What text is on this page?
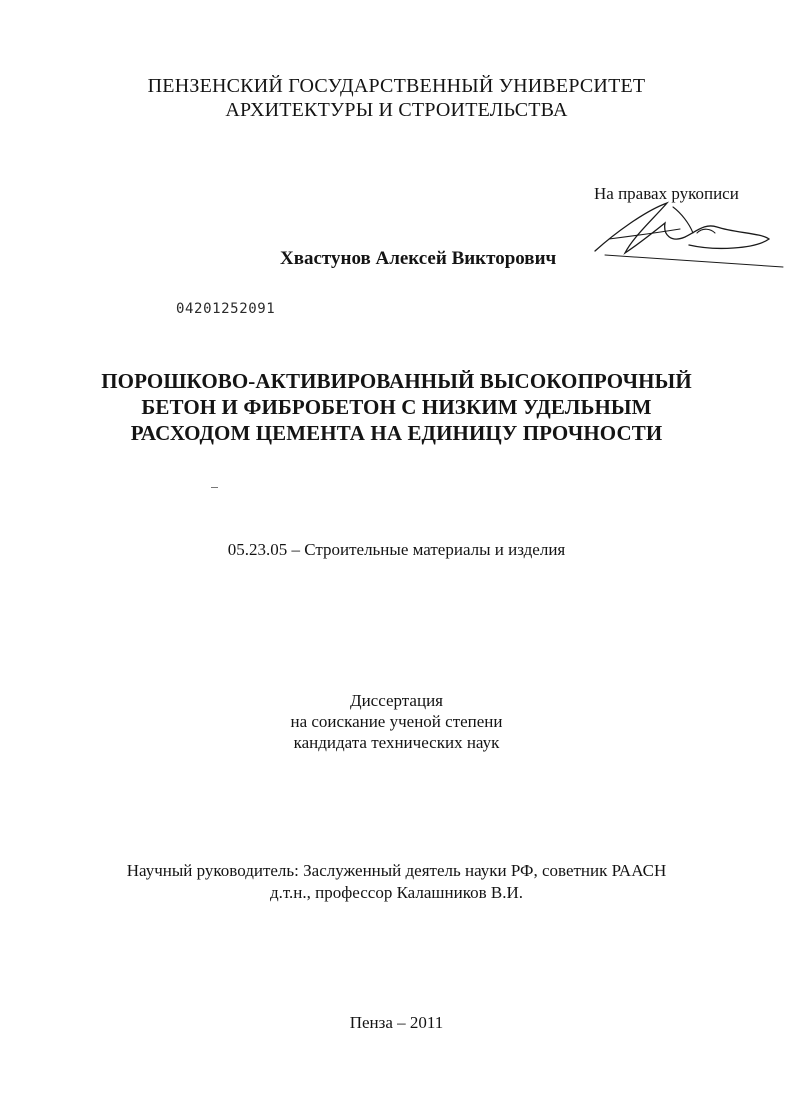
ПЕНЗЕНСКИЙ ГОСУДАРСТВЕННЫЙ УНИВЕРСИТЕТ
АРХИТЕКТУРЫ И СТРОИТЕЛЬСТВА
На правах рукописи
Хвастунов Алексей Викторович
04201252091
ПОРОШКОВО-АКТИВИРОВАННЫЙ ВЫСОКОПРОЧНЫЙ
БЕТОН И ФИБРОБЕТОН С НИЗКИМ УДЕЛЬНЫМ
РАСХОДОМ ЦЕМЕНТА НА ЕДИНИЦУ ПРОЧНОСТИ
05.23.05 – Строительные материалы и изделия
Диссертация
на соискание ученой степени
кандидата технических наук
Научный руководитель: Заслуженный деятель науки РФ, советник РААСН
д.т.н., профессор Калашников В.И.
Пенза – 2011
